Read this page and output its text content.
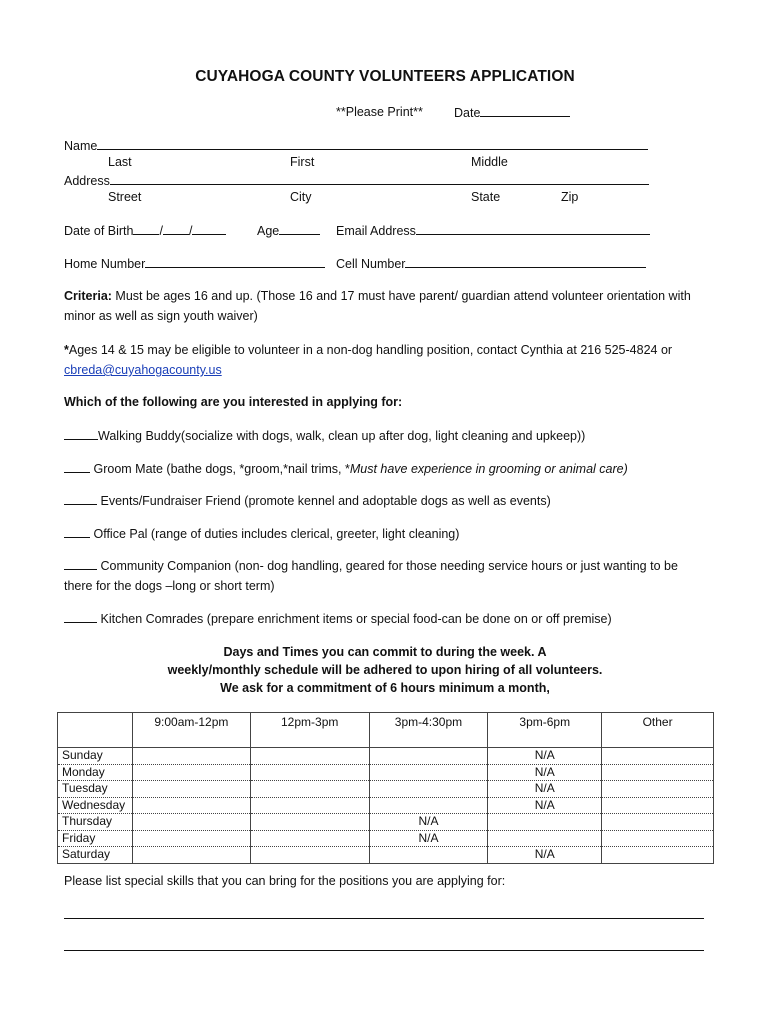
CUYAHOGA COUNTY VOLUNTEERS APPLICATION
**Please Print** Date
Name
Last	First	Middle
Address
Street	City	State	Zip
Date of Birth / /	Age	Email Address
Home Number	Cell Number
Criteria: Must be ages 16 and up. (Those 16 and 17 must have parent/ guardian attend volunteer orientation with minor as well as sign youth waiver)
*Ages 14 & 15 may be eligible to volunteer in a non-dog handling position, contact Cynthia at 216 525-4824 or cbreda@cuyahogacounty.us
Which of the following are you interested in applying for:
Walking Buddy(socialize with dogs, walk, clean up after dog, light cleaning and upkeep))
Groom Mate (bathe dogs, *groom,*nail trims, *Must have experience in grooming or animal care)
Events/Fundraiser Friend (promote kennel and adoptable dogs as well as events)
Office Pal (range of duties includes clerical, greeter, light cleaning)
Community Companion (non- dog handling, geared for those needing service hours or just wanting to be there for the dogs –long or short term)
Kitchen Comrades (prepare enrichment items or special food-can be done on or off premise)
Days and Times you can commit to during the week. A
weekly/monthly schedule will be adhered to upon hiring of all volunteers.
We ask for a commitment of 6 hours minimum a month,
	9:00am-12pm	12pm-3pm	3pm-4:30pm	3pm-6pm	Other
Sunday				N/A	
Monday				N/A	
Tuesday				N/A	
Wednesday				N/A	
Thursday			N/A		
Friday			N/A		
Saturday				N/A	
Please list special skills that you can bring for the positions you are applying for:
